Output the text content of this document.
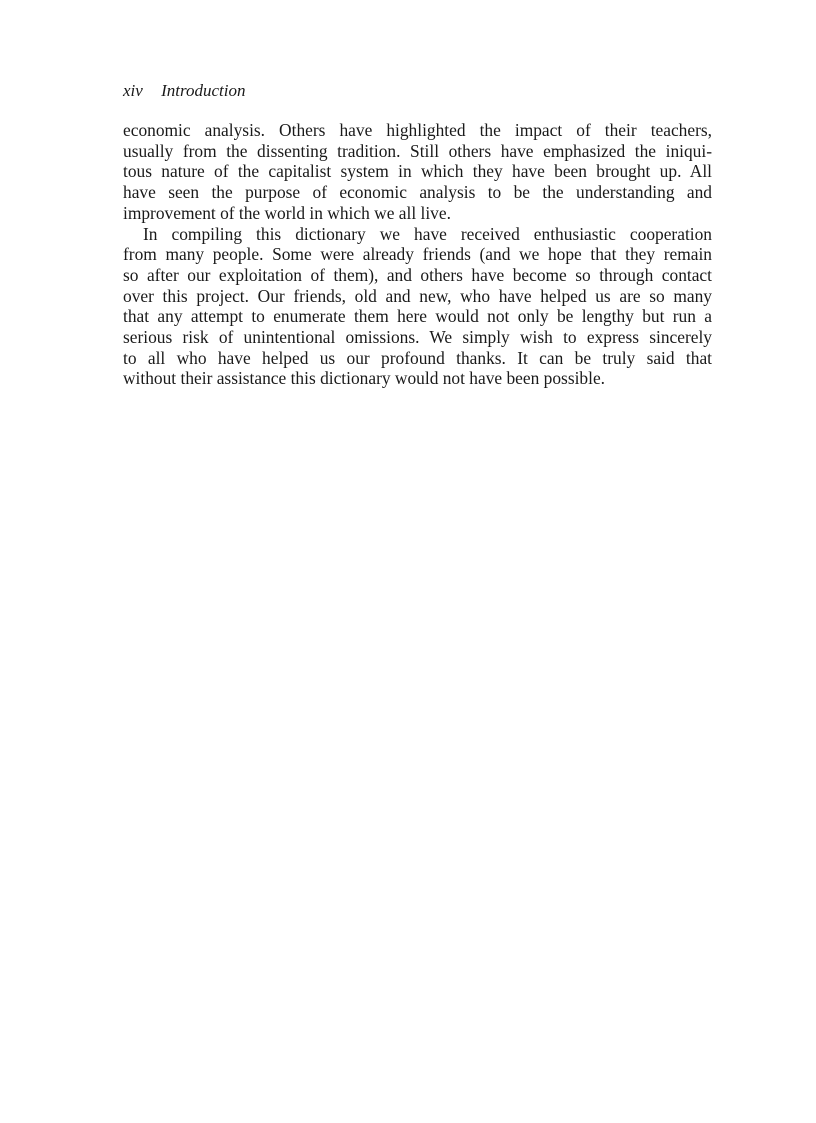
xiv Introduction

economic analysis. Others have highlighted the impact of their teachers,
usually from the dissenting tradition. Still others have emphasized the iniqui-
tous nature of the capitalist system in which they have been brought up. All
have seen the purpose of economic analysis to be the understanding and
improvement of the world in which we all live.

In compiling this dictionary we have received enthusiastic cooperation
from many people. Some were already friends (and we hope that they remain
so after our exploitation of them), and others have become so through contact
over this project. Our friends, old and new, who have helped us are so many
that any attempt to enumerate them here would not only be lengthy but run a
serious risk of unintentional omissions. We simply wish to express sincerely
to all who have helped us our profound thanks. It can be truly said that
without their assistance this dictionary would not have been possible.
